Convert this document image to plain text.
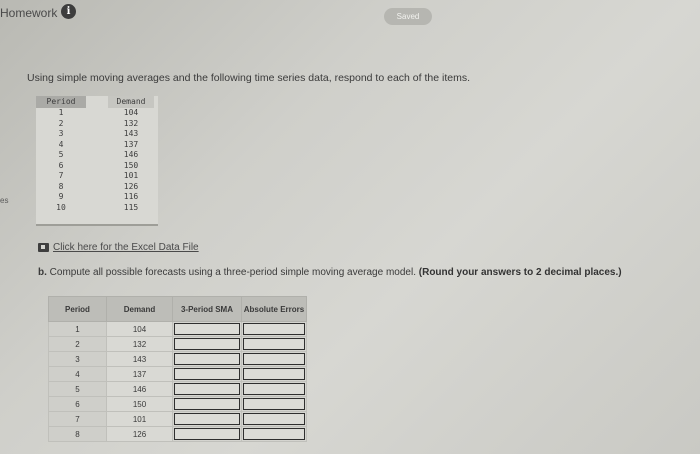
Homework i	Saved
es
Using simple moving averages and the following time series data, respond to each of the items.
Period	Demand
1	104
2	132
3	143
4	137
5	146
6	150
7	101
8	126
9	116
10	115
Click here for the Excel Data File
b. Compute all possible forecasts using a three-period simple moving average model. (Round your answers to 2 decimal places.)
Period	Demand	3-Period SMA	Absolute Errors
1	104	

2	132	

3	143	

4	137	

5	146	

6	150	

7	101	

8	126	
